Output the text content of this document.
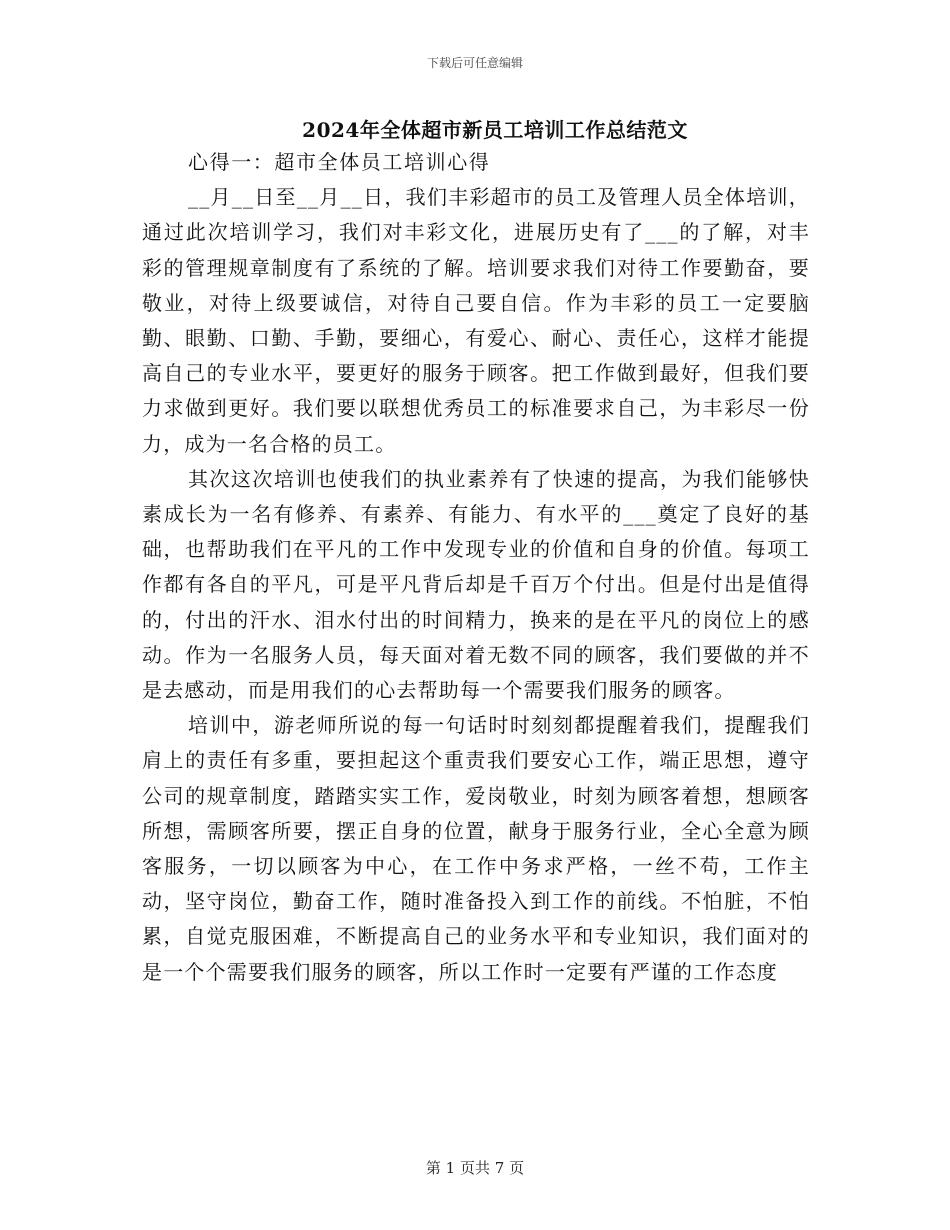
下载后可任意编辑
2024年全体超市新员工培训工作总结范文

心得一：超市全体员工培训心得

__月__日至__月__日，我们丰彩超市的员工及管理人员全体培训，通过此次培训学习，我们对丰彩文化，进展历史有了___的了解，对丰彩的管理规章制度有了系统的了解。培训要求我们对待工作要勤奋，要敬业，对待上级要诚信，对待自己要自信。作为丰彩的员工一定要脑勤、眼勤、口勤、手勤，要细心，有爱心、耐心、责任心，这样才能提高自己的专业水平，要更好的服务于顾客。把工作做到最好，但我们要力求做到更好。我们要以联想优秀员工的标准要求自己，为丰彩尽一份力，成为一名合格的员工。

其次这次培训也使我们的执业素养有了快速的提高，为我们能够快素成长为一名有修养、有素养、有能力、有水平的___奠定了良好的基础，也帮助我们在平凡的工作中发现专业的价值和自身的价值。每项工作都有各自的平凡，可是平凡背后却是千百万个付出。但是付出是值得的，付出的汗水、泪水付出的时间精力，换来的是在平凡的岗位上的感动。作为一名服务人员，每天面对着无数不同的顾客，我们要做的并不是去感动，而是用我们的心去帮助每一个需要我们服务的顾客。

培训中，游老师所说的每一句话时时刻刻都提醒着我们，提醒我们肩上的责任有多重，要担起这个重责我们要安心工作，端正思想，遵守公司的规章制度，踏踏实实工作，爱岗敬业，时刻为顾客着想，想顾客所想，需顾客所要，摆正自身的位置，献身于服务行业，全心全意为顾客服务，一切以顾客为中心，在工作中务求严格，一丝不苟，工作主动，坚守岗位，勤奋工作，随时准备投入到工作的前线。不怕脏，不怕累，自觉克服困难，不断提高自己的业务水平和专业知识，我们面对的是一个个需要我们服务的顾客，所以工作时一定要有严谨的工作态度

第 1 页共 7 页
